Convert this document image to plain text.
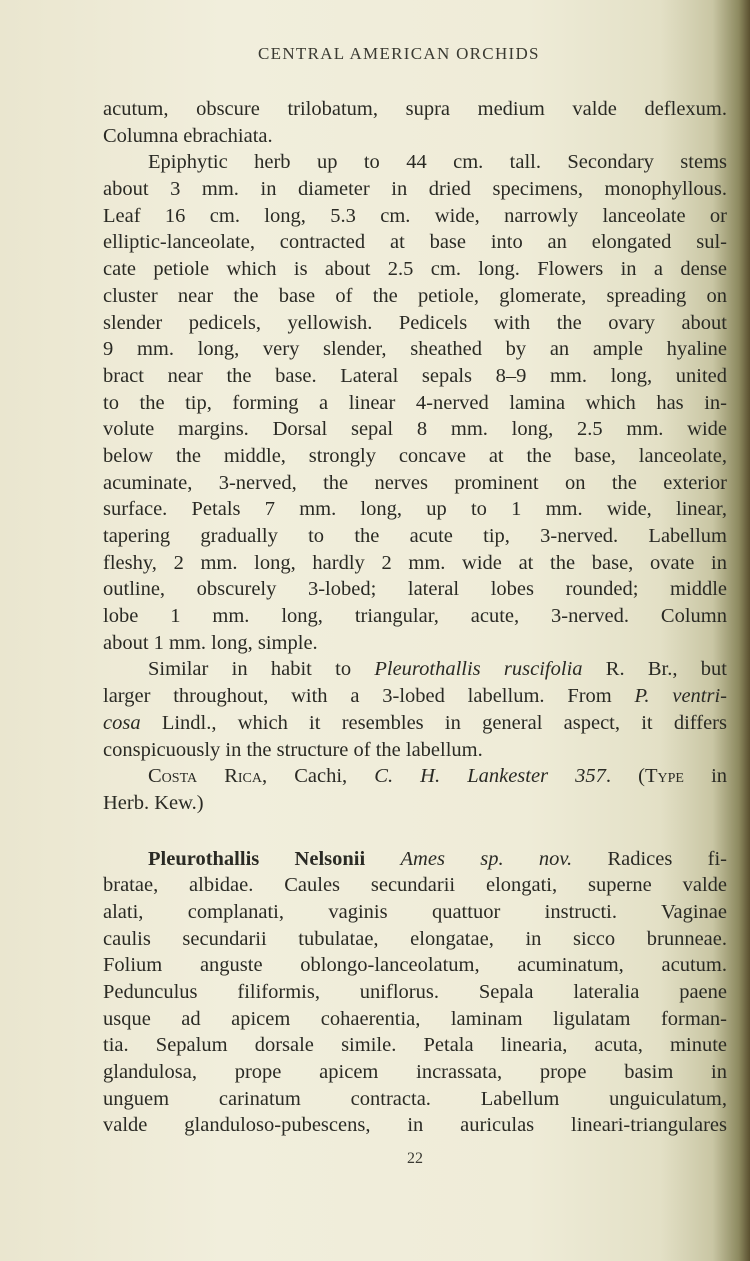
CENTRAL AMERICAN ORCHIDS
acutum, obscure trilobatum, supra medium valde deflexum.
Columna ebrachiata.
Epiphytic herb up to 44 cm. tall. Secondary stems
about 3 mm. in diameter in dried specimens, monophyllous.
Leaf 16 cm. long, 5.3 cm. wide, narrowly lanceolate or
elliptic-lanceolate, contracted at base into an elongated sul-
cate petiole which is about 2.5 cm. long. Flowers in a dense
cluster near the base of the petiole, glomerate, spreading on
slender pedicels, yellowish. Pedicels with the ovary about
9 mm. long, very slender, sheathed by an ample hyaline
bract near the base. Lateral sepals 8–9 mm. long, united
to the tip, forming a linear 4-nerved lamina which has in-
volute margins. Dorsal sepal 8 mm. long, 2.5 mm. wide
below the middle, strongly concave at the base, lanceolate,
acuminate, 3-nerved, the nerves prominent on the exterior
surface. Petals 7 mm. long, up to 1 mm. wide, linear,
tapering gradually to the acute tip, 3-nerved. Labellum
fleshy, 2 mm. long, hardly 2 mm. wide at the base, ovate in
outline, obscurely 3-lobed; lateral lobes rounded; middle
lobe 1 mm. long, triangular, acute, 3-nerved. Column
about 1 mm. long, simple.
Similar in habit to Pleurothallis ruscifolia R. Br., but
larger throughout, with a 3-lobed labellum. From P. ventri-
cosa Lindl., which it resembles in general aspect, it differs
conspicuously in the structure of the labellum.
Costa Rica, Cachi, C. H. Lankester 357. (Type in
Herb. Kew.)
Pleurothallis Nelsonii Ames sp. nov. Radices fi-
bratae, albidae. Caules secundarii elongati, superne valde
alati, complanati, vaginis quattuor instructi. Vaginae
caulis secundarii tubulatae, elongatae, in sicco brunneae.
Folium anguste oblongo-lanceolatum, acuminatum, acutum.
Pedunculus filiformis, uniflorus. Sepala lateralia paene
usque ad apicem cohaerentia, laminam ligulatam forman-
tia. Sepalum dorsale simile. Petala linearia, acuta, minute
glandulosa, prope apicem incrassata, prope basim in
unguem carinatum contracta. Labellum unguiculatum,
valde glanduloso-pubescens, in auriculas lineari-triangulares
22
